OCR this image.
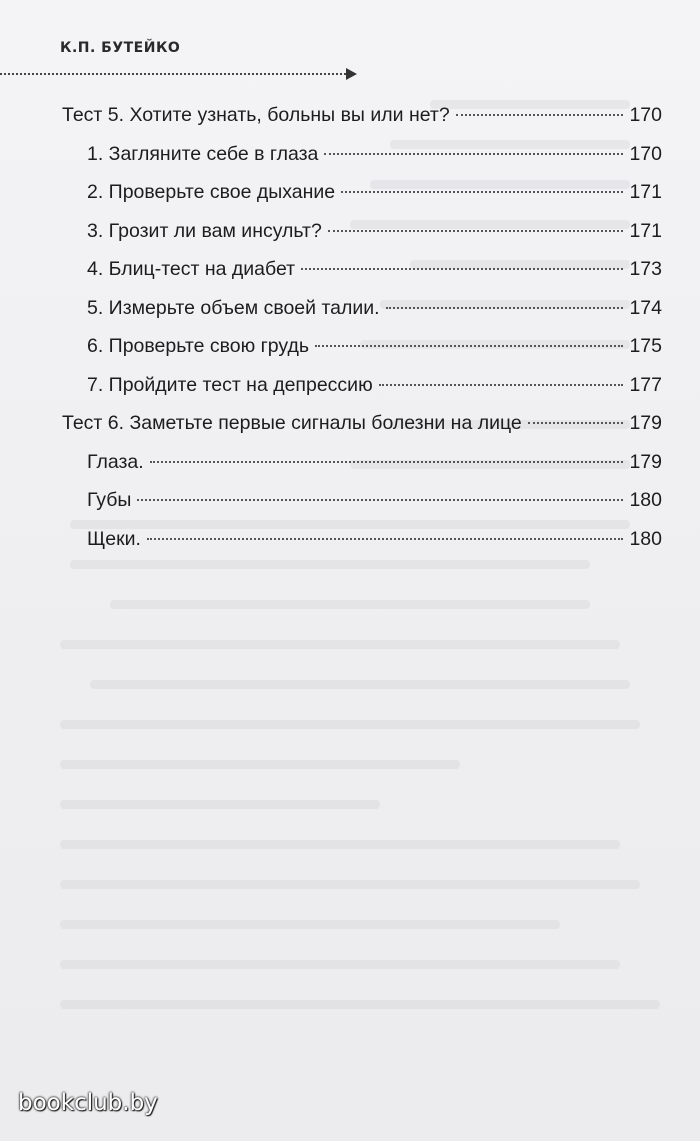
К.П. БУТЕЙКО
Тест 5. Хотите узнать, больны вы или нет?	170
1. Загляните себе в глаза	170
2. Проверьте свое дыхание	171
3. Грозит ли вам инсульт?	171
4. Блиц-тест на диабет	173
5. Измерьте объем своей талии.	174
6. Проверьте свою грудь	175
7. Пройдите тест на депрессию	177
Тест 6. Заметьте первые сигналы болезни на лице	179
Глаза.	179
Губы	180
Щеки.	180
bookclub.by
